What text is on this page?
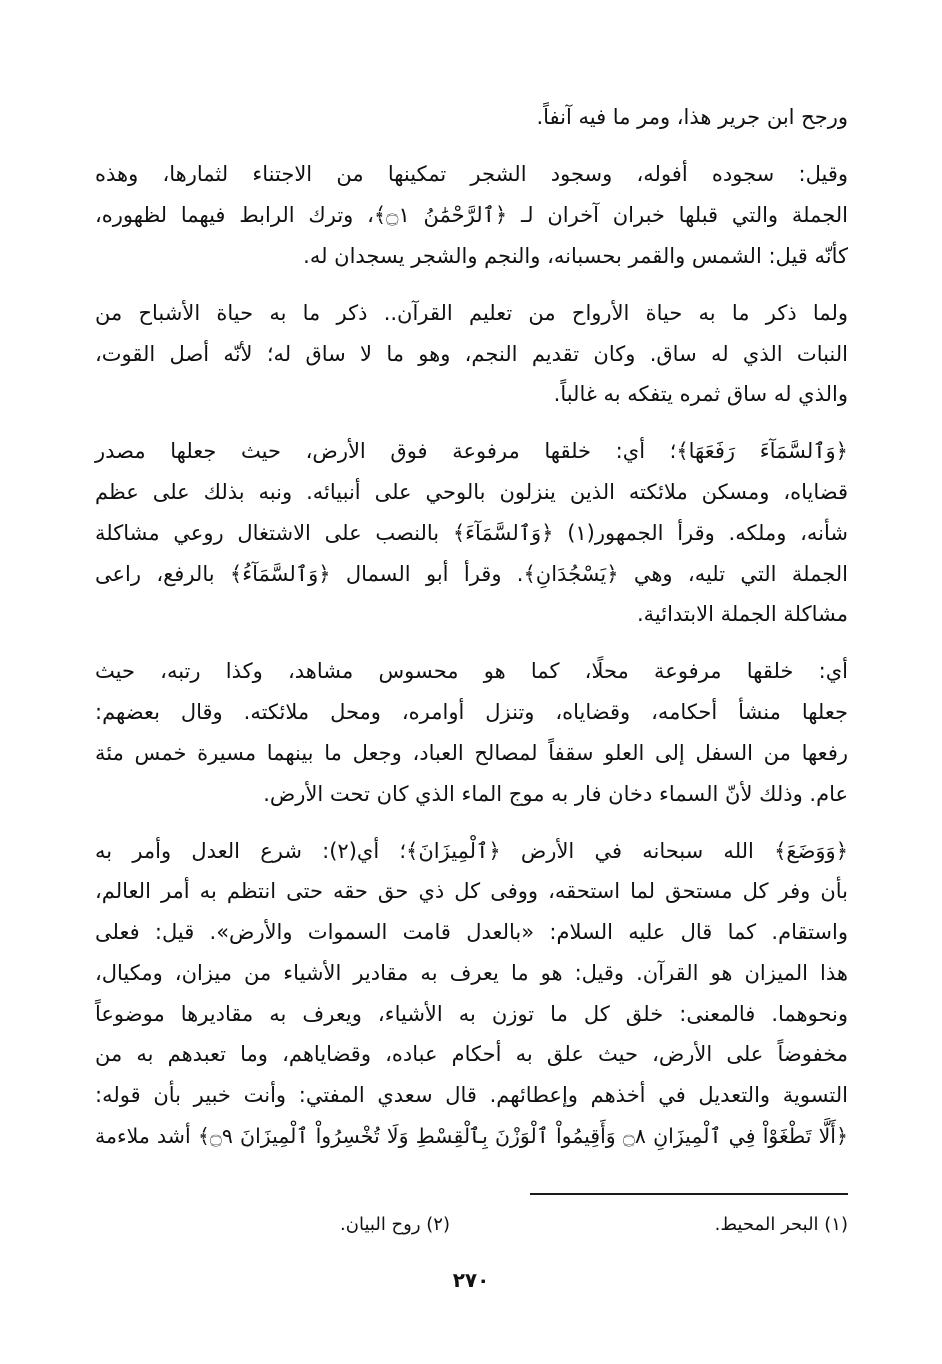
ورجح ابن جرير هذا، ومر ما فيه آنفاً.
وقيل: سجوده أفوله، وسجود الشجر تمكينها من الاجتناء لثمارها، وهذه
الجملة والتي قبلها خبران آخران لـ ﴿ٱلرَّحْمَٰنُ ۝١﴾، وترك الرابط فيهما لظهوره،
كأنّه قيل: الشمس والقمر بحسبانه، والنجم والشجر يسجدان له.
ولما ذكر ما به حياة الأرواح من تعليم القرآن.. ذكر ما به حياة الأشباح من
النبات الذي له ساق. وكان تقديم النجم، وهو ما لا ساق له؛ لأنّه أصل القوت،
والذي له ساق ثمره يتفكه به غالباً.
﴿وَٱلسَّمَآءَ رَفَعَهَا﴾؛ أي: خلقها مرفوعة فوق الأرض، حيث جعلها مصدر
قضاياه، ومسكن ملائكته الذين ينزلون بالوحي على أنبيائه. ونبه بذلك على عظم
شأنه، وملكه. وقرأ الجمهور(١) ﴿وَٱلسَّمَآءَ﴾ بالنصب على الاشتغال روعي مشاكلة
الجملة التي تليه، وهي ﴿يَسْجُدَانِ﴾. وقرأ أبو السمال ﴿وَٱلسَّمَآءُ﴾ بالرفع، راعى
مشاكلة الجملة الابتدائية.
أي: خلقها مرفوعة محلًا، كما هو محسوس مشاهد، وكذا رتبه، حيث
جعلها منشأ أحكامه، وقضاياه، وتنزل أوامره، ومحل ملائكته. وقال بعضهم:
رفعها من السفل إلى العلو سقفاً لمصالح العباد، وجعل ما بينهما مسيرة خمس مئة
عام. وذلك لأنّ السماء دخان فار به موج الماء الذي كان تحت الأرض.
﴿وَوَضَعَ﴾ الله سبحانه في الأرض ﴿ٱلْمِيزَانَ﴾؛ أي(٢): شرع العدل وأمر به
بأن وفر كل مستحق لما استحقه، ووفى كل ذي حق حقه حتى انتظم به أمر العالم،
واستقام. كما قال عليه السلام: «بالعدل قامت السموات والأرض». قيل: فعلى
هذا الميزان هو القرآن. وقيل: هو ما يعرف به مقادير الأشياء من ميزان، ومكيال،
ونحوهما. فالمعنى: خلق كل ما توزن به الأشياء، ويعرف به مقاديرها موضوعاً
مخفوضاً على الأرض، حيث علق به أحكام عباده، وقضاياهم، وما تعبدهم به من
التسوية والتعديل في أخذهم وإعطائهم. قال سعدي المفتي: وأنت خبير بأن قوله:
﴿أَلَّا تَطْغَوْاْ فِي ٱلْمِيزَانِ ۝٨ وَأَقِيمُواْ ٱلْوَزْنَ بِٱلْقِسْطِ وَلَا تُخْسِرُواْ ٱلْمِيزَانَ ۝٩﴾ أشد ملاءمة
(١) البحر المحيط.
(٢) روح البيان.
٢٧٠
